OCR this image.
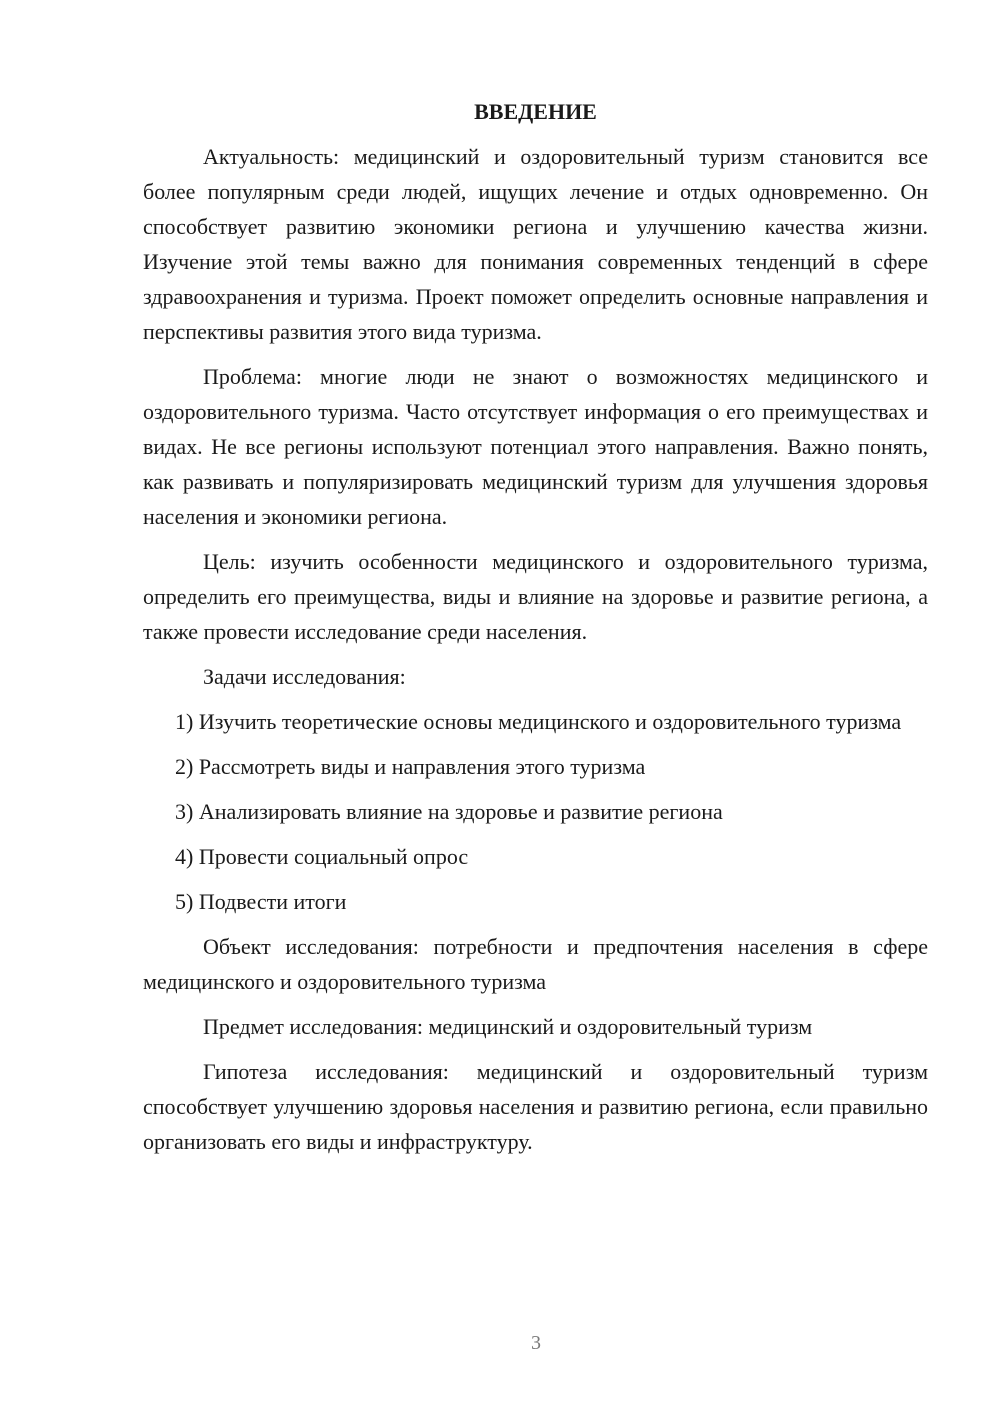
ВВЕДЕНИЕ

Актуальность: медицинский и оздоровительный туризм становится все более популярным среди людей, ищущих лечение и отдых одновременно. Он способствует развитию экономики региона и улучшению качества жизни. Изучение этой темы важно для понимания современных тенденций в сфере здравоохранения и туризма. Проект поможет определить основные направления и перспективы развития этого вида туризма.

Проблема: многие люди не знают о возможностях медицинского и оздоровительного туризма. Часто отсутствует информация о его преимуществах и видах. Не все регионы используют потенциал этого направления. Важно понять, как развивать и популяризировать медицинский туризм для улучшения здоровья населения и экономики региона.

Цель: изучить особенности медицинского и оздоровительного туризма, определить его преимущества, виды и влияние на здоровье и развитие региона, а также провести исследование среди населения.

Задачи исследования:

1) Изучить теоретические основы медицинского и оздоровительного туризма

2) Рассмотреть виды и направления этого туризма

3) Анализировать влияние на здоровье и развитие региона

4) Провести социальный опрос

5) Подвести итоги

Объект исследования: потребности и предпочтения населения в сфере медицинского и оздоровительного туризма

Предмет исследования: медицинский и оздоровительный туризм

Гипотеза исследования: медицинский и оздоровительный туризм способствует улучшению здоровья населения и развитию региона, если правильно организовать его виды и инфраструктуру.

3
